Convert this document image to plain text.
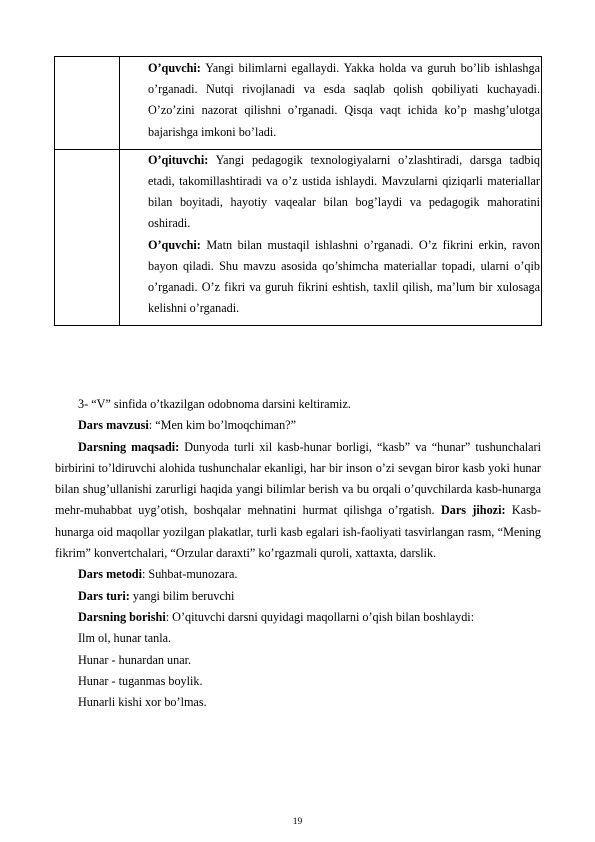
	O’quvchi: Yangi bilimlarni egallaydi. Yakka holda va guruh bo’lib ishlashga o’rganadi. Nutqi rivojlanadi va esda saqlab qolish qobiliyati kuchayadi. O’zo’zini nazorat qilishni o’rganadi. Qisqa vaqt ichida ko’p mashg’ulotga bajarishga imkoni bo’ladi.

	O’qituvchi: Yangi pedagogik texnologiyalarni o’zlashtiradi, darsga tadbiq etadi, takomillashtiradi va o’z ustida ishlaydi. Mavzularni qiziqarli materiallar bilan boyitadi, hayotiy vaqealar bilan bog’laydi va pedagogik mahoratini oshiradi.

O’quvchi: Matn bilan mustaqil ishlashni o’rganadi. O’z fikrini erkin, ravon bayon qiladi. Shu mavzu asosida qo’shimcha materiallar topadi, ularni o’qib o’rganadi. O’z fikri va guruh fikrini eshtish, taxlil qilish, ma’lum bir xulosaga kelishni o’rganadi.

3- “V” sinfida o’tkazilgan odobnoma darsini keltiramiz.

Dars mavzusi: “Men kim bo’lmoqchiman?”

Darsning maqsadi: Dunyoda turli xil kasb-hunar borligi, “kasb” va “hunar” tushunchalari birbirini to’ldiruvchi alohida tushunchalar ekanligi, har bir inson o’zi sevgan biror kasb yoki hunar bilan shug’ullanishi zarurligi haqida yangi bilimlar berish va bu orqali o’quvchilarda kasb-hunarga mehr-muhabbat uyg’otish, boshqalar mehnatini hurmat qilishga o’rgatish. Dars jihozi: Kasb-hunarga oid maqollar yozilgan plakatlar, turli kasb egalari ish-faoliyati tasvirlangan rasm, “Mening fikrim” konvertchalari, “Orzular daraxti” ko’rgazmali quroli, xattaxta, darslik.

Dars metodi: Suhbat-munozara.

Dars turi: yangi bilim beruvchi

Darsning borishi: O’qituvchi darsni quyidagi maqollarni o’qish bilan boshlaydi:

Ilm ol, hunar tanla.

Hunar - hunardan unar.

Hunar - tuganmas boylik.

Hunarli kishi xor bo’lmas.

19
